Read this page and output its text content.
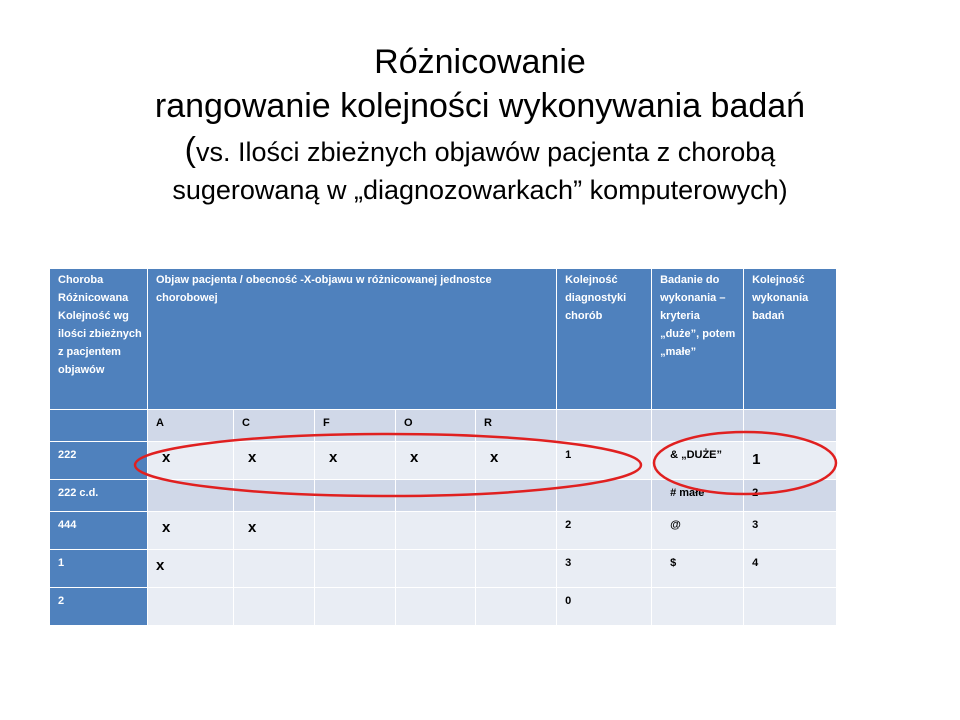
Różnicowanie
rangowanie kolejności wykonywania badań
(vs. Ilości zbieżnych objawów pacjenta z chorobą
sugerowaną w „diagnozowarkach” komputerowych)
Choroba Różnicowana Kolejność wg ilości zbieżnych z pacjentem objawów	Objaw pacjenta / obecność -X-objawu w różnicowanej jednostce chorobowej					Kolejność diagnostyki chorób	Badanie do wykonania –kryteria „duże”, potem „małe”	Kolejność wykonania badań
	A	C	F	O	R			
222	x	x	x	x	x	1	& „DUŻE”	1
222 c.d.							# małe	2
444	x	x				2	@	3
1	x					3	$	4
2						0		
